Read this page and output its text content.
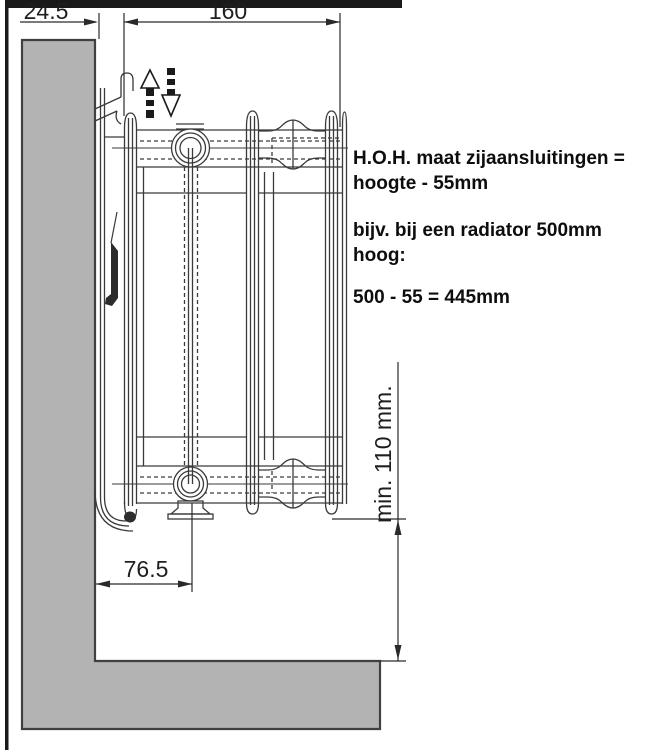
24.5	160
76.5
min. 110 mm.

H.O.H. maat zijaansluitingen =

hoogte - 55mm

bijv. bij een radiator 500mm

hoog:

500 - 55 = 445mm
